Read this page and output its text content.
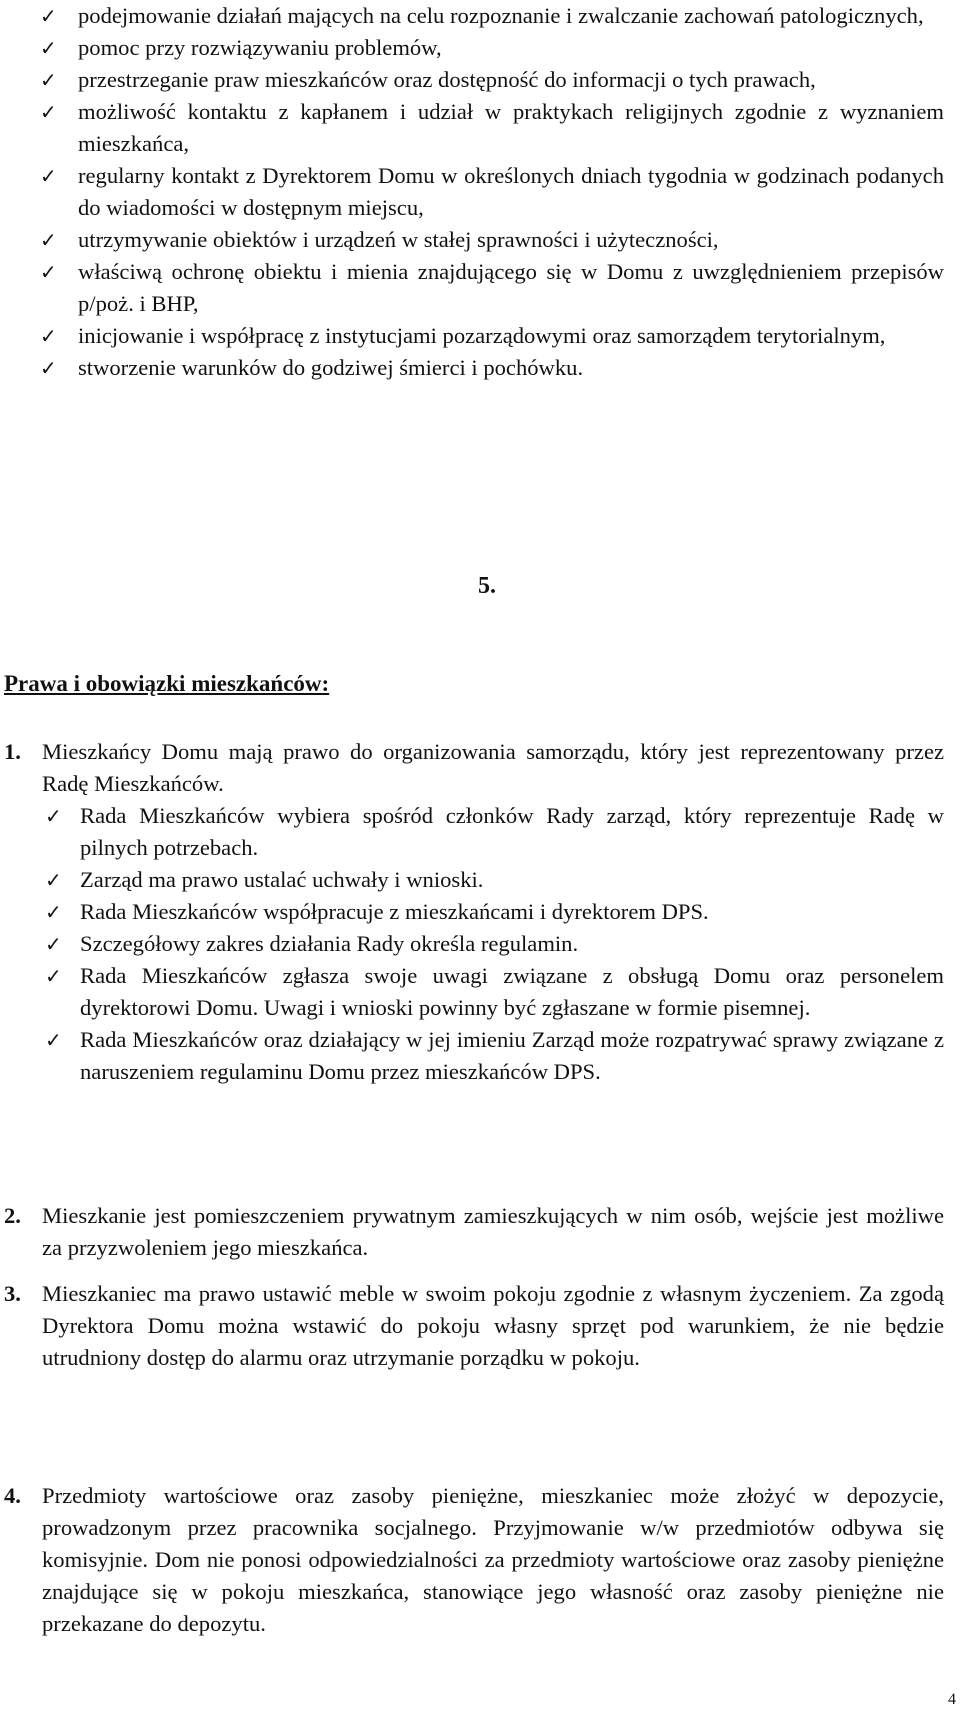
✓ podejmowanie działań mających na celu rozpoznanie i zwalczanie zachowań patologicznych,

✓ pomoc przy rozwiązywaniu problemów,

✓ przestrzeganie praw mieszkańców oraz dostępność do informacji o tych prawach,

✓ możliwość kontaktu z kapłanem i udział w praktykach religijnych zgodnie z wyznaniem mieszkańca,

✓ regularny kontakt z Dyrektorem Domu w określonych dniach tygodnia w godzinach podanych do wiadomości w dostępnym miejscu,

✓ utrzymywanie obiektów i urządzeń w stałej sprawności i użyteczności,

✓ właściwą ochronę obiektu i mienia znajdującego się w Domu z uwzględnieniem przepisów p/poż. i BHP,

✓ inicjowanie i współpracę z instytucjami pozarządowymi oraz samorządem terytorialnym,

✓ stworzenie warunków do godziwej śmierci i pochówku.

5.
Prawa i obowiązki mieszkańców:
1. Mieszkańcy Domu mają prawo do organizowania samorządu, który jest reprezentowany przez Radę Mieszkańców.

✓ Rada Mieszkańców wybiera spośród członków Rady zarząd, który reprezentuje Radę w pilnych potrzebach.

✓ Zarząd ma prawo ustalać uchwały i wnioski.

✓ Rada Mieszkańców współpracuje z mieszkańcami i dyrektorem DPS.

✓ Szczegółowy zakres działania Rady określa regulamin.

✓ Rada Mieszkańców zgłasza swoje uwagi związane z obsługą Domu oraz personelem dyrektorowi Domu. Uwagi i wnioski powinny być zgłaszane w formie pisemnej.

✓ Rada Mieszkańców oraz działający w jej imieniu Zarząd może rozpatrywać sprawy związane z naruszeniem regulaminu Domu przez mieszkańców DPS.

2. Mieszkanie jest pomieszczeniem prywatnym zamieszkujących w nim osób, wejście jest możliwe za przyzwoleniem jego mieszkańca.
3. Mieszkaniec ma prawo ustawić meble w swoim pokoju zgodnie z własnym życzeniem. Za zgodą Dyrektora Domu można wstawić do pokoju własny sprzęt pod warunkiem, że nie będzie utrudniony dostęp do alarmu oraz utrzymanie porządku w pokoju.
4. Przedmioty wartościowe oraz zasoby pieniężne, mieszkaniec może złożyć w depozycie, prowadzonym przez pracownika socjalnego. Przyjmowanie w/w przedmiotów odbywa się komisyjnie. Dom nie ponosi odpowiedzialności za przedmioty wartościowe oraz zasoby pieniężne znajdujące się w pokoju mieszkańca, stanowiące jego własność oraz zasoby pieniężne nie przekazane do depozytu.
4
